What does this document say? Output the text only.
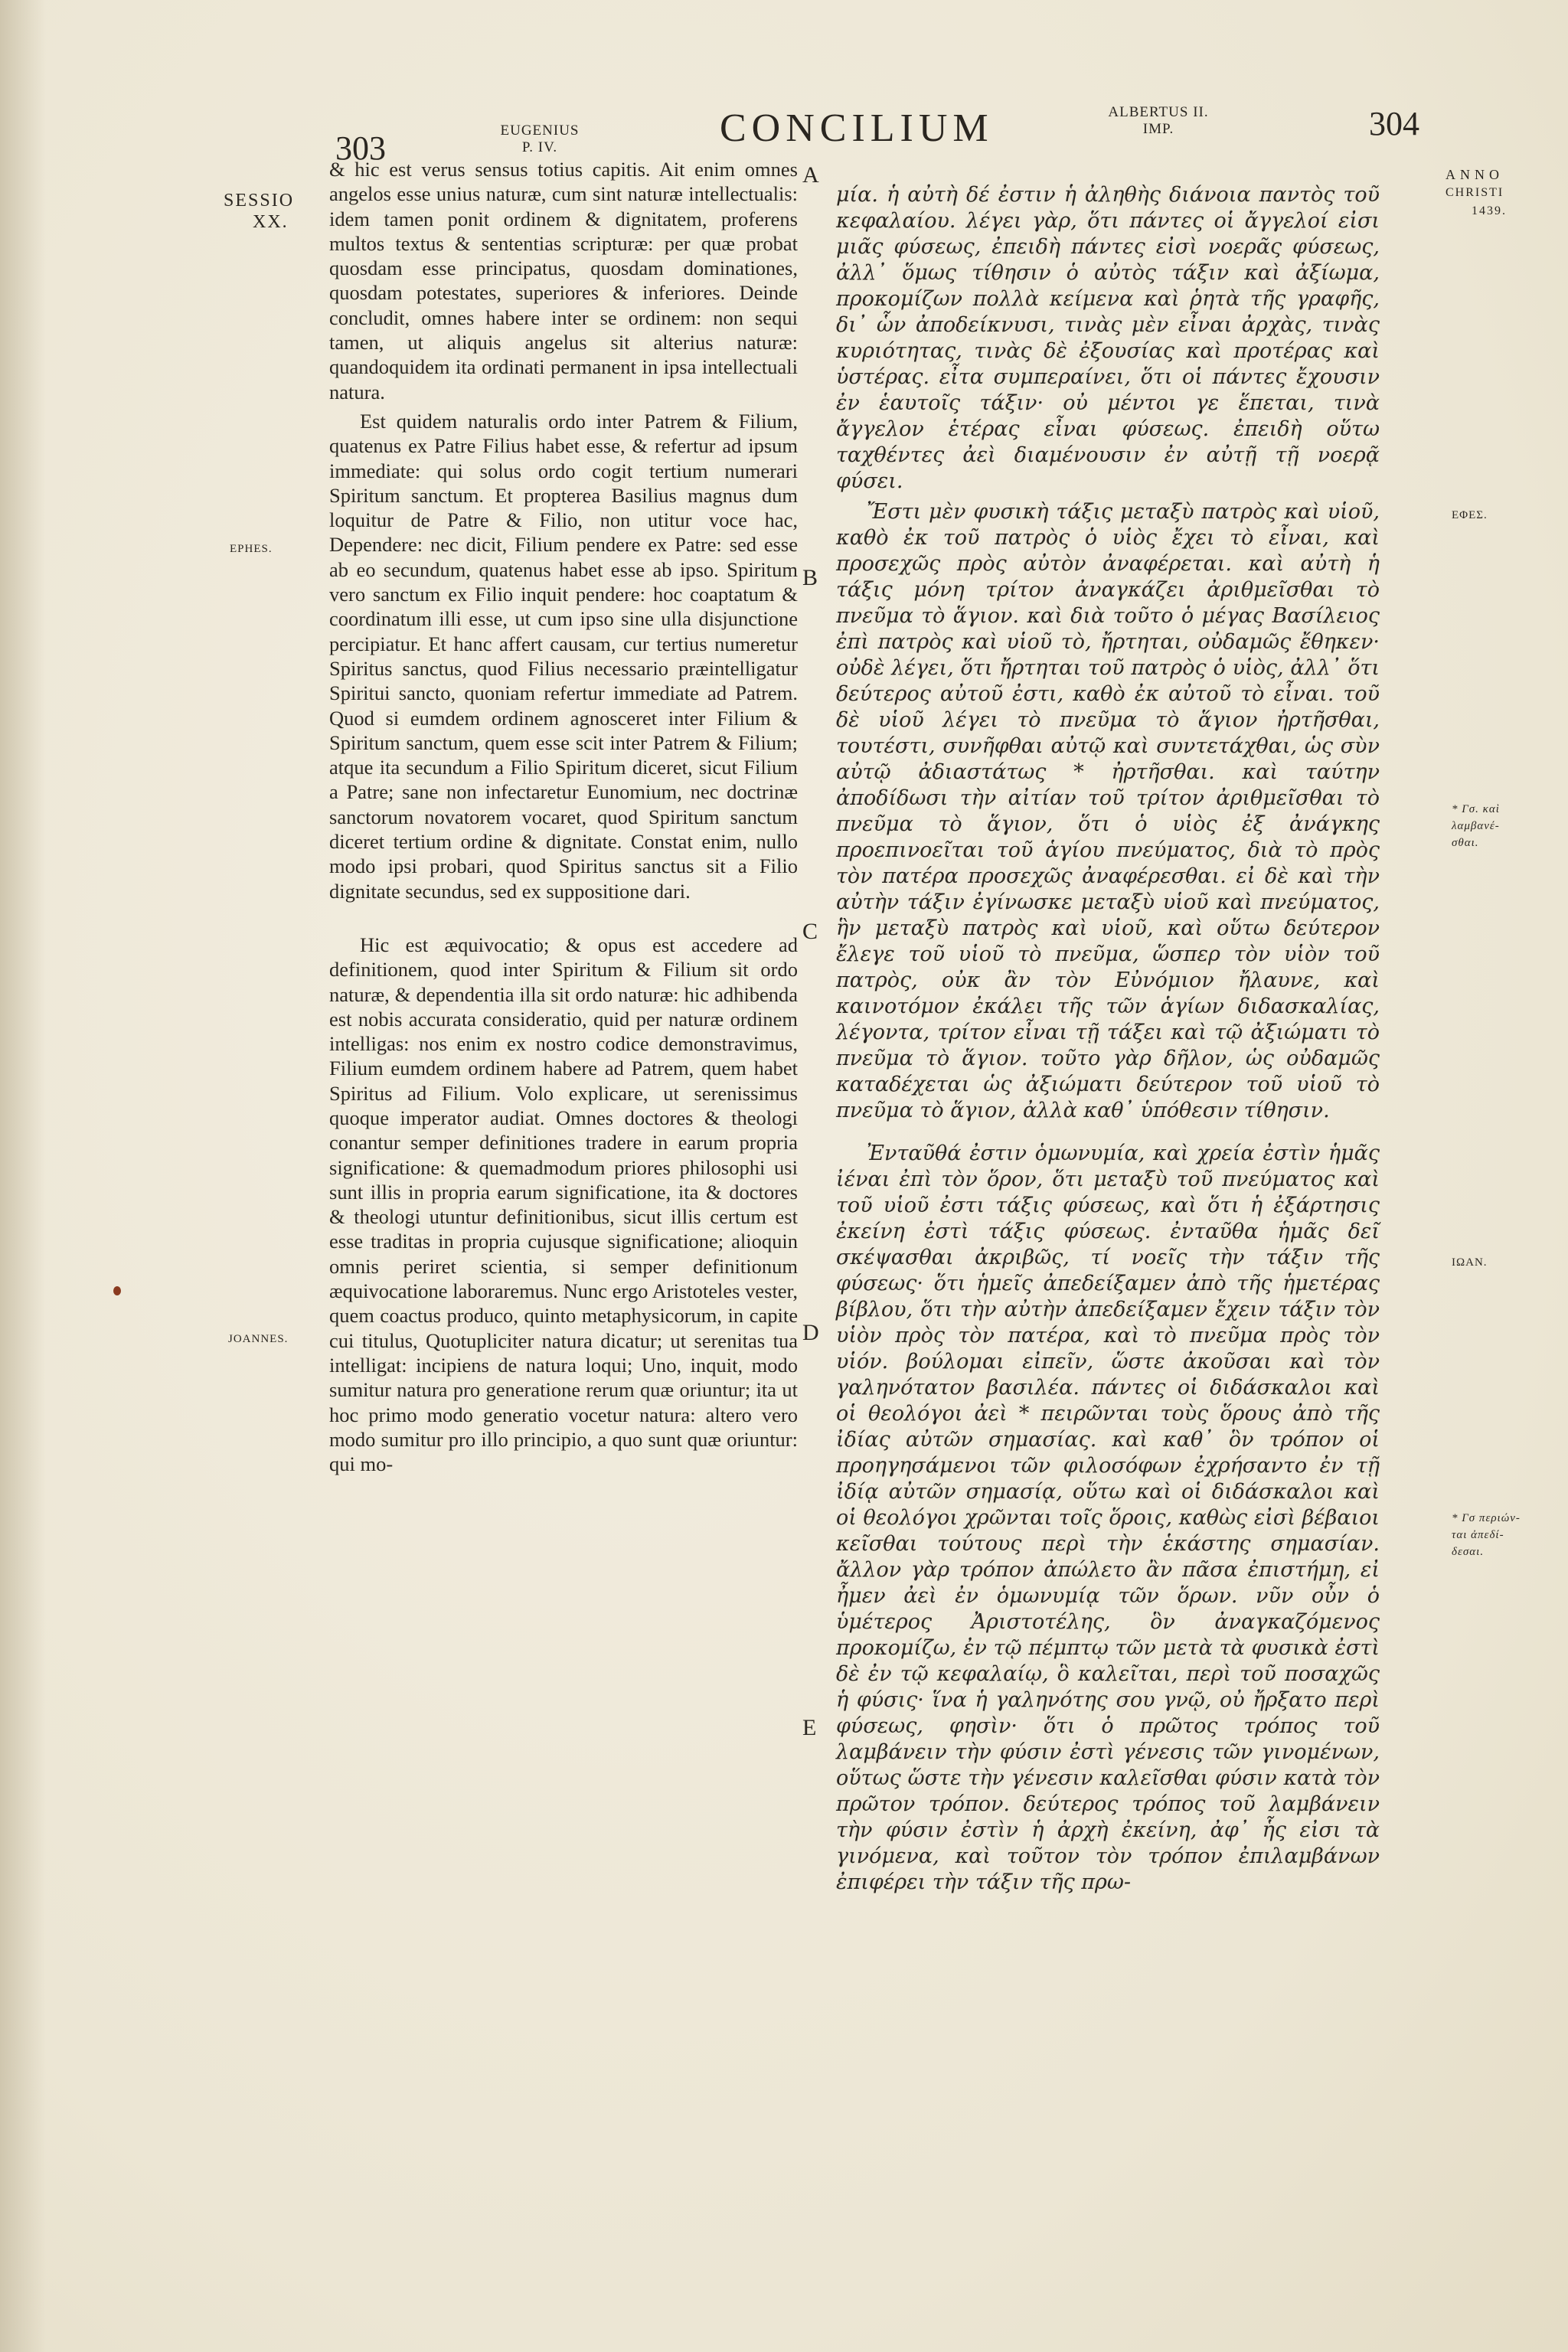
303	EUGENIUS
P. IV.	CONCILIUM	ALBERTUS II.
IMP.	304
SESSIO
XX.
EPHES.
JOANNES.
ANNO
CHRISTI
1439.
ΕΦΕΣ.
* Γσ. καὶ
λαμβανέ-
σθαι.
ΙΩΑΝ.
* Γσ περιών-
ται ἀπεδί-
δεσαι.
A
B
C
D
E

& hic est verus sensus totius capitis. Ait enim omnes angelos esse unius naturæ, cum sint naturæ intellectualis: idem tamen ponit ordinem & dignitatem, proferens multos textus & sententias scripturæ: per quæ probat quosdam esse principatus, quosdam dominationes, quosdam potestates, superiores & inferiores. Deinde concludit, omnes habere inter se ordinem: non sequi tamen, ut aliquis angelus sit alterius naturæ: quandoquidem ita ordinati permanent in ipsa intellectuali natura.

Est quidem naturalis ordo inter Patrem & Filium, quatenus ex Patre Filius habet esse, & refertur ad ipsum immediate: qui solus ordo cogit tertium numerari Spiritum sanctum. Et propterea Basilius magnus dum loquitur de Patre & Filio, non utitur voce hac, Dependere: nec dicit, Filium pendere ex Patre: sed esse ab eo secundum, quatenus habet esse ab ipso. Spiritum vero sanctum ex Filio inquit pendere: hoc coaptatum & coordinatum illi esse, ut cum ipso sine ulla disjunctione percipiatur. Et hanc affert causam, cur tertius numeretur Spiritus sanctus, quod Filius necessario præintelligatur Spiritui sancto, quoniam refertur immediate ad Patrem. Quod si eumdem ordinem agnosceret inter Filium & Spiritum sanctum, quem esse scit inter Patrem & Filium; atque ita secundum a Filio Spiritum diceret, sicut Filium a Patre; sane non infectaretur Eunomium, nec doctrinæ sanctorum novatorem vocaret, quod Spiritum sanctum diceret tertium ordine & dignitate. Constat enim, nullo modo ipsi probari, quod Spiritus sanctus sit a Filio dignitate secundus, sed ex suppositione dari.

Hic est æquivocatio; & opus est accedere ad definitionem, quod inter Spiritum & Filium sit ordo naturæ, & dependentia illa sit ordo naturæ: hic adhibenda est nobis accurata consideratio, quid per naturæ ordinem intelligas: nos enim ex nostro codice demonstravimus, Filium eumdem ordinem habere ad Patrem, quem habet Spiritus ad Filium. Volo explicare, ut serenissimus quoque imperator audiat. Omnes doctores & theologi conantur semper definitiones tradere in earum propria significatione: & quemadmodum priores philosophi usi sunt illis in propria earum significatione, ita & doctores & theologi utuntur definitionibus, sicut illis certum est esse traditas in propria cujusque significatione; alioquin omnis periret scientia, si semper definitionum æquivocatione laboraremus. Nunc ergo Aristoteles vester, quem coactus produco, quinto metaphysicorum, in capite cui titulus, Quotupliciter natura dicatur; ut serenitas tua intelligat: incipiens de natura loqui; Uno, inquit, modo sumitur natura pro generatione rerum quæ oriuntur; ita ut hoc primo modo generatio vocetur natura: altero vero modo sumitur pro illo principio, a quo sunt quæ oriuntur: qui mo-

μία. ἡ αὐτὴ δέ ἐστιν ἡ ἀληθὴς διάνοια παντὸς τοῦ κεφαλαίου. λέγει γὰρ, ὅτι πάντες οἱ ἄγγελοί εἰσι μιᾶς φύσεως, ἐπειδὴ πάντες εἰσὶ νοερᾶς φύσεως, ἀλλ᾿ ὅμως τίθησιν ὁ αὐτὸς τάξιν καὶ ἀξίωμα, προκομίζων πολλὰ κείμενα καὶ ῥητὰ τῆς γραφῆς, δι᾿ ὧν ἀποδείκνυσι, τινὰς μὲν εἶναι ἀρχὰς, τινὰς κυριότητας, τινὰς δὲ ἐξουσίας καὶ προτέρας καὶ ὑστέρας. εἶτα συμπεραίνει, ὅτι οἱ πάντες ἔχουσιν ἐν ἑαυτοῖς τάξιν· οὐ μέντοι γε ἕπεται, τινὰ ἄγγελον ἑτέρας εἶναι φύσεως. ἐπειδὴ οὕτω ταχθέντες ἀεὶ διαμένουσιν ἐν αὐτῇ τῇ νοερᾷ φύσει.

Ἔστι μὲν φυσικὴ τάξις μεταξὺ πατρὸς καὶ υἱοῦ, καθὸ ἐκ τοῦ πατρὸς ὁ υἱὸς ἔχει τὸ εἶναι, καὶ προσεχῶς πρὸς αὐτὸν ἀναφέρεται. καὶ αὐτὴ ἡ τάξις μόνη τρίτον ἀναγκάζει ἀριθμεῖσθαι τὸ πνεῦμα τὸ ἅγιον. καὶ διὰ τοῦτο ὁ μέγας Βασίλειος ἐπὶ πατρὸς καὶ υἱοῦ τὸ, ἤρτηται, οὐδαμῶς ἔθηκεν· οὐδὲ λέγει, ὅτι ἤρτηται τοῦ πατρὸς ὁ υἱὸς, ἀλλ᾿ ὅτι δεύτερος αὐτοῦ ἐστι, καθὸ ἐκ αὐτοῦ τὸ εἶναι. τοῦ δὲ υἱοῦ λέγει τὸ πνεῦμα τὸ ἅγιον ἠρτῆσθαι, τουτέστι, συνῆφθαι αὐτῷ καὶ συντετάχθαι, ὡς σὺν αὐτῷ ἀδιαστάτως * ἠρτῆσθαι. καὶ ταύτην ἀποδίδωσι τὴν αἰτίαν τοῦ τρίτον ἀριθμεῖσθαι τὸ πνεῦμα τὸ ἅγιον, ὅτι ὁ υἱὸς ἐξ ἀνάγκης προεπινοεῖται τοῦ ἁγίου πνεύματος, διὰ τὸ πρὸς τὸν πατέρα προσεχῶς ἀναφέρεσθαι. εἰ δὲ καὶ τὴν αὐτὴν τάξιν ἐγίνωσκε μεταξὺ υἱοῦ καὶ πνεύματος, ἣν μεταξὺ πατρὸς καὶ υἱοῦ, καὶ οὕτω δεύτερον ἔλεγε τοῦ υἱοῦ τὸ πνεῦμα, ὥσπερ τὸν υἱὸν τοῦ πατρὸς, οὐκ ἂν τὸν Εὐνόμιον ἤλαυνε, καὶ καινοτόμον ἐκάλει τῆς τῶν ἁγίων διδασκαλίας, λέγοντα, τρίτον εἶναι τῇ τάξει καὶ τῷ ἀξιώματι τὸ πνεῦμα τὸ ἅγιον. τοῦτο γὰρ δῆλον, ὡς οὐδαμῶς καταδέχεται ὡς ἀξιώματι δεύτερον τοῦ υἱοῦ τὸ πνεῦμα τὸ ἅγιον, ἀλλὰ καθ᾿ ὑπόθεσιν τίθησιν.

Ἐνταῦθά ἐστιν ὁμωνυμία, καὶ χρεία ἐστὶν ἡμᾶς ἰέναι ἐπὶ τὸν ὅρον, ὅτι μεταξὺ τοῦ πνεύματος καὶ τοῦ υἱοῦ ἐστι τάξις φύσεως, καὶ ὅτι ἡ ἐξάρτησις ἐκείνη ἐστὶ τάξις φύσεως. ἐνταῦθα ἡμᾶς δεῖ σκέψασθαι ἀκριβῶς, τί νοεῖς τὴν τάξιν τῆς φύσεως· ὅτι ἡμεῖς ἀπεδείξαμεν ἀπὸ τῆς ἡμετέρας βίβλου, ὅτι τὴν αὐτὴν ἀπεδείξαμεν ἔχειν τάξιν τὸν υἱὸν πρὸς τὸν πατέρα, καὶ τὸ πνεῦμα πρὸς τὸν υἱόν. βούλομαι εἰπεῖν, ὥστε ἀκοῦσαι καὶ τὸν γαληνότατον βασιλέα. πάντες οἱ διδάσκαλοι καὶ οἱ θεολόγοι ἀεὶ * πειρῶνται τοὺς ὅρους ἀπὸ τῆς ἰδίας αὐτῶν σημασίας. καὶ καθ᾿ ὃν τρόπον οἱ προηγησάμενοι τῶν φιλοσόφων ἐχρήσαντο ἐν τῇ ἰδίᾳ αὐτῶν σημασίᾳ, οὕτω καὶ οἱ διδάσκαλοι καὶ οἱ θεολόγοι χρῶνται τοῖς ὅροις, καθὼς εἰσὶ βέβαιοι κεῖσθαι τούτους περὶ τὴν ἑκάστης σημασίαν. ἄλλον γὰρ τρόπον ἀπώλετο ἂν πᾶσα ἐπιστήμη, εἰ ἦμεν ἀεὶ ἐν ὁμωνυμίᾳ τῶν ὅρων. νῦν οὖν ὁ ὑμέτερος Ἀριστοτέλης, ὃν ἀναγκαζόμενος προκομίζω, ἐν τῷ πέμπτῳ τῶν μετὰ τὰ φυσικὰ ἐστὶ δὲ ἐν τῷ κεφαλαίῳ, ὃ καλεῖται, περὶ τοῦ ποσαχῶς ἡ φύσις· ἵνα ἡ γαληνότης σου γνῷ, οὐ ἤρξατο περὶ φύσεως, φησὶν· ὅτι ὁ πρῶτος τρόπος τοῦ λαμβάνειν τὴν φύσιν ἐστὶ γένεσις τῶν γινομένων, οὕτως ὥστε τὴν γένεσιν καλεῖσθαι φύσιν κατὰ τὸν πρῶτον τρόπον. δεύτερος τρόπος τοῦ λαμβάνειν τὴν φύσιν ἐστὶν ἡ ἀρχὴ ἐκείνη, ἀφ᾿ ἧς εἰσι τὰ γινόμενα, καὶ τοῦτον τὸν τρόπον ἐπιλαμβάνων ἐπιφέρει τὴν τάξιν τῆς πρω-
